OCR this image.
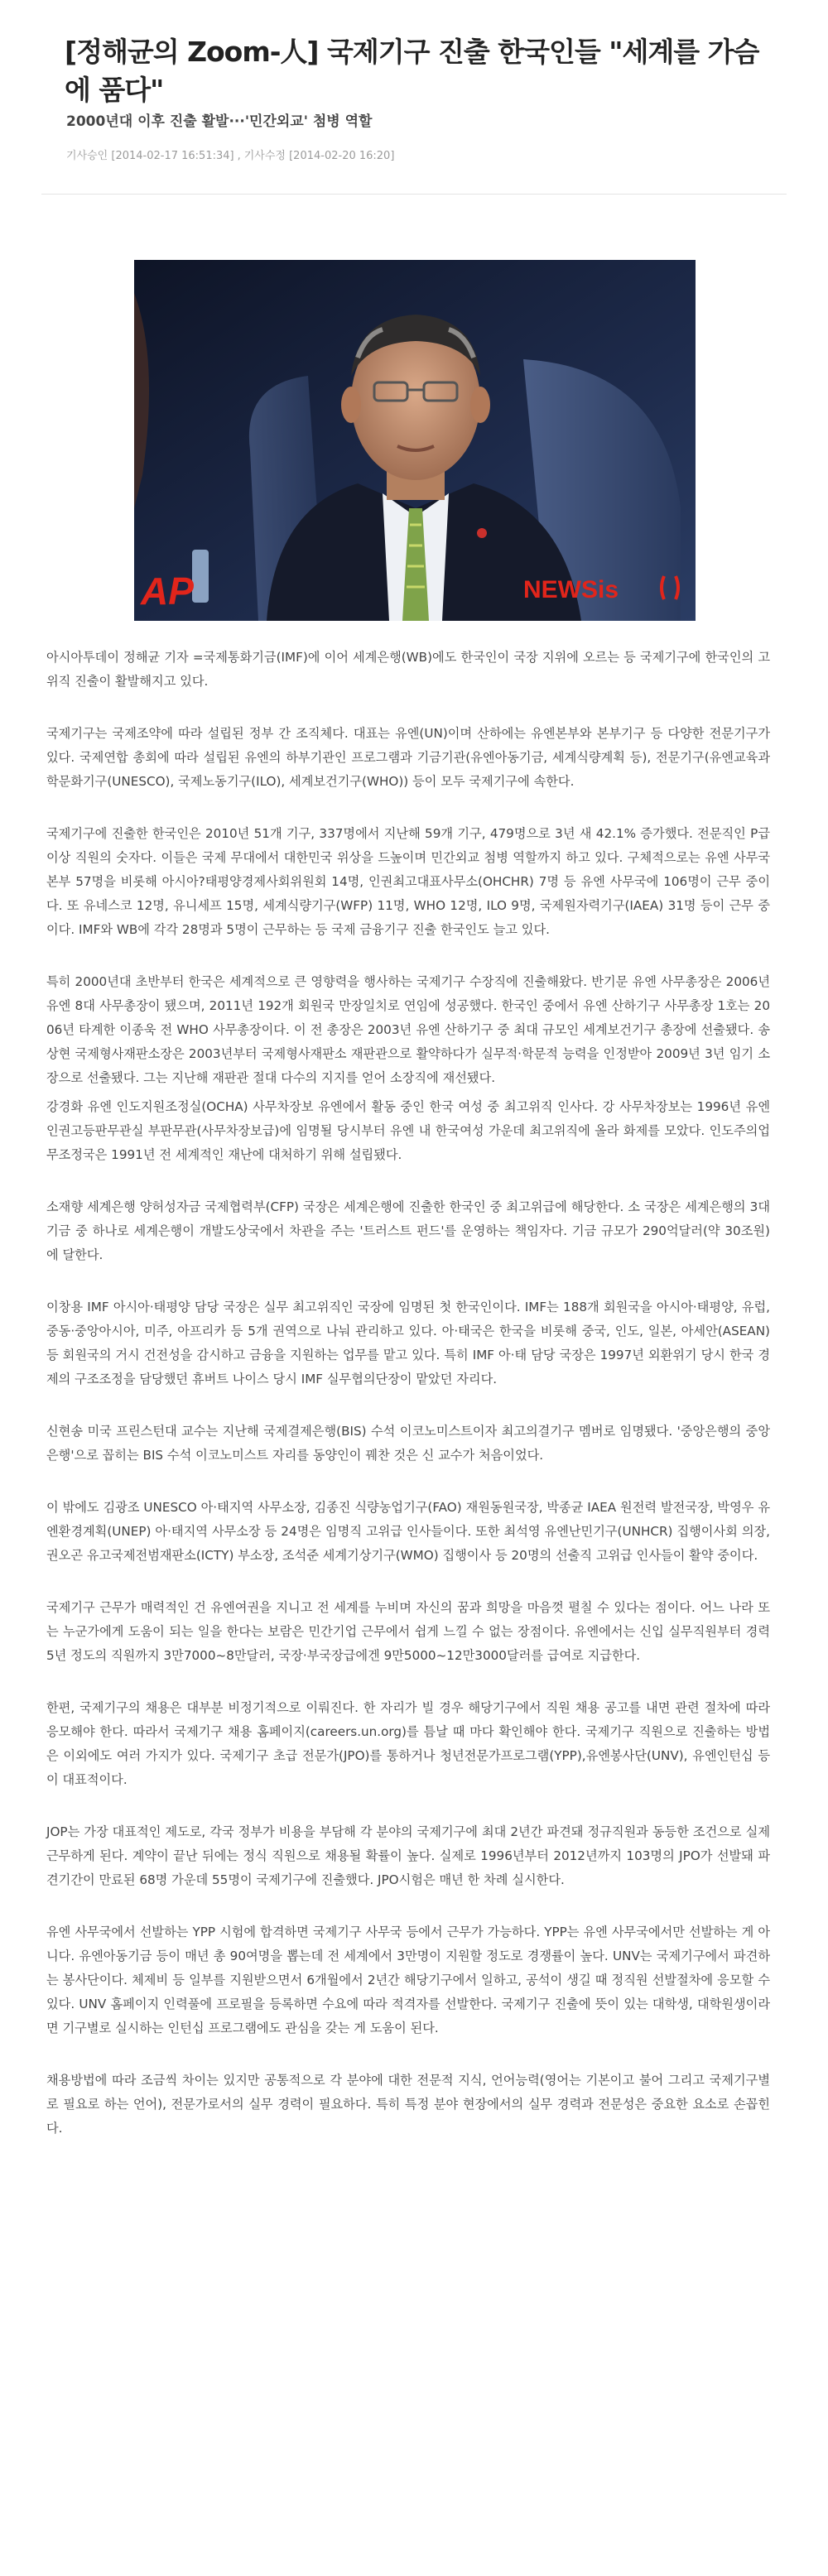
[정해균의 Zoom-人] 국제기구 진출 한국인들 "세계를 가슴에 품다"
2000년대 이후 진출 활발···'민간외교' 첨병 역할
기사승인 [2014-02-17 16:51:34] , 기사수정 [2014-02-20 16:20]
AP	NEWSis

아시아투데이 정해균 기자 =국제통화기금(IMF)에 이어 세계은행(WB)에도 한국인이 국장 지위에 오르는 등 국제기구에 한국인의 고위직 진출이 활발해지고 있다.

국제기구는 국제조약에 따라 설립된 정부 간 조직체다. 대표는 유엔(UN)이며 산하에는 유엔본부와 본부기구 등 다양한 전문기구가 있다. 국제연합 총회에 따라 설립된 유엔의 하부기관인 프로그램과 기금기관(유엔아동기금, 세계식량계획 등), 전문기구(유엔교육과학문화기구(UNESCO), 국제노동기구(ILO), 세계보건기구(WHO)) 등이 모두 국제기구에 속한다.

국제기구에 진출한 한국인은 2010년 51개 기구, 337명에서 지난해 59개 기구, 479명으로 3년 새 42.1% 증가했다. 전문직인 P급 이상 직원의 숫자다. 이들은 국제 무대에서 대한민국 위상을 드높이며 민간외교 첨병 역할까지 하고 있다. 구체적으로는 유엔 사무국 본부 57명을 비롯해 아시아?태평양경제사회위원회 14명, 인권최고대표사무소(OHCHR) 7명 등 유엔 사무국에 106명이 근무 중이다. 또 유네스코 12명, 유니세프 15명, 세계식량기구(WFP) 11명, WHO 12명, ILO 9명, 국제원자력기구(IAEA) 31명 등이 근무 중이다. IMF와 WB에 각각 28명과 5명이 근무하는 등 국제 금융기구 진출 한국인도 늘고 있다.

특히 2000년대 초반부터 한국은 세계적으로 큰 영향력을 행사하는 국제기구 수장직에 진출해왔다. 반기문 유엔 사무총장은 2006년 유엔 8대 사무총장이 됐으며, 2011년 192개 회원국 만장일치로 연임에 성공했다. 한국인 중에서 유엔 산하기구 사무총장 1호는 2006년 타계한 이종욱 전 WHO 사무총장이다. 이 전 총장은 2003년 유엔 산하기구 중 최대 규모인 세계보건기구 총장에 선출됐다. 송상현 국제형사재판소장은 2003년부터 국제형사재판소 재판관으로 활약하다가 실무적·학문적 능력을 인정받아 2009년 3년 임기 소장으로 선출됐다. 그는 지난해 재판관 절대 다수의 지지를 얻어 소장직에 재선됐다.

강경화 유엔 인도지원조정실(OCHA) 사무차장보 유엔에서 활동 중인 한국 여성 중 최고위직 인사다. 강 사무차장보는 1996년 유엔 인권고등판무관실 부판무관(사무차장보급)에 임명될 당시부터 유엔 내 한국여성 가운데 최고위직에 올라 화제를 모았다. 인도주의업무조정국은 1991년 전 세계적인 재난에 대처하기 위해 설립됐다.

소재향 세계은행 양허성자금 국제협력부(CFP) 국장은 세계은행에 진출한 한국인 중 최고위급에 해당한다. 소 국장은 세계은행의 3대 기금 중 하나로 세계은행이 개발도상국에서 차관을 주는 '트러스트 펀드'를 운영하는 책임자다. 기금 규모가 290억달러(약 30조원)에 달한다.

이창용 IMF 아시아·태평양 담당 국장은 실무 최고위직인 국장에 임명된 첫 한국인이다. IMF는 188개 회원국을 아시아·태평양, 유럽, 중동·중앙아시아, 미주, 아프리카 등 5개 권역으로 나눠 관리하고 있다. 아·태국은 한국을 비롯해 중국, 인도, 일본, 아세안(ASEAN) 등 회원국의 거시 건전성을 감시하고 금융을 지원하는 업무를 맡고 있다. 특히 IMF 아·태 담당 국장은 1997년 외환위기 당시 한국 경제의 구조조정을 담당했던 휴버트 나이스 당시 IMF 실무협의단장이 맡았던 자리다.

신현송 미국 프린스턴대 교수는 지난해 국제결제은행(BIS) 수석 이코노미스트이자 최고의결기구 멤버로 임명됐다. '중앙은행의 중앙은행'으로 꼽히는 BIS 수석 이코노미스트 자리를 동양인이 꿰찬 것은 신 교수가 처음이었다.

이 밖에도 김광조 UNESCO 아·태지역 사무소장, 김종진 식량농업기구(FAO) 재원동원국장, 박종균 IAEA 원전력 발전국장, 박영우 유엔환경계획(UNEP) 아·태지역 사무소장 등 24명은 임명직 고위급 인사들이다. 또한 최석영 유엔난민기구(UNHCR) 집행이사회 의장, 권오곤 유고국제전범재판소(ICTY) 부소장, 조석준 세계기상기구(WMO) 집행이사 등 20명의 선출직 고위급 인사들이 활약 중이다.

국제기구 근무가 매력적인 건 유엔여권을 지니고 전 세계를 누비며 자신의 꿈과 희망을 마음껏 펼칠 수 있다는 점이다. 어느 나라 또는 누군가에게 도움이 되는 일을 한다는 보람은 민간기업 근무에서 쉽게 느낄 수 없는 장점이다. 유엔에서는 신입 실무직원부터 경력 5년 정도의 직원까지 3만7000~8만달러, 국장·부국장급에겐 9만5000~12만3000달러를 급여로 지급한다.

한편, 국제기구의 채용은 대부분 비정기적으로 이뤄진다. 한 자리가 빌 경우 해당기구에서 직원 채용 공고를 내면 관련 절차에 따라 응모해야 한다. 따라서 국제기구 채용 홈페이지(careers.un.org)를 틈날 때 마다 확인해야 한다. 국제기구 직원으로 진출하는 방법은 이외에도 여러 가지가 있다. 국제기구 초급 전문가(JPO)를 통하거나 청년전문가프로그램(YPP),유엔봉사단(UNV), 유엔인턴십 등이 대표적이다.

JOP는 가장 대표적인 제도로, 각국 정부가 비용을 부담해 각 분야의 국제기구에 최대 2년간 파견돼 정규직원과 동등한 조건으로 실제 근무하게 된다. 계약이 끝난 뒤에는 정식 직원으로 채용될 확률이 높다. 실제로 1996년부터 2012년까지 103명의 JPO가 선발돼 파견기간이 만료된 68명 가운데 55명이 국제기구에 진출했다. JPO시험은 매년 한 차례 실시한다.

유엔 사무국에서 선발하는 YPP 시험에 합격하면 국제기구 사무국 등에서 근무가 가능하다. YPP는 유엔 사무국에서만 선발하는 게 아니다. 유엔아동기금 등이 매년 총 90여명을 뽑는데 전 세계에서 3만명이 지원할 정도로 경쟁률이 높다. UNV는 국제기구에서 파견하는 봉사단이다. 체제비 등 일부를 지원받으면서 6개월에서 2년간 해당기구에서 일하고, 공석이 생길 때 정직원 선발절차에 응모할 수 있다. UNV 홈페이지 인력풀에 프로필을 등록하면 수요에 따라 적격자를 선발한다. 국제기구 진출에 뜻이 있는 대학생, 대학원생이라면 기구별로 실시하는 인턴십 프로그램에도 관심을 갖는 게 도움이 된다.

채용방법에 따라 조금씩 차이는 있지만 공통적으로 각 분야에 대한 전문적 지식, 언어능력(영어는 기본이고 불어 그리고 국제기구별로 필요로 하는 언어), 전문가로서의 실무 경력이 필요하다. 특히 특정 분야 현장에서의 실무 경력과 전문성은 중요한 요소로 손꼽힌다.
